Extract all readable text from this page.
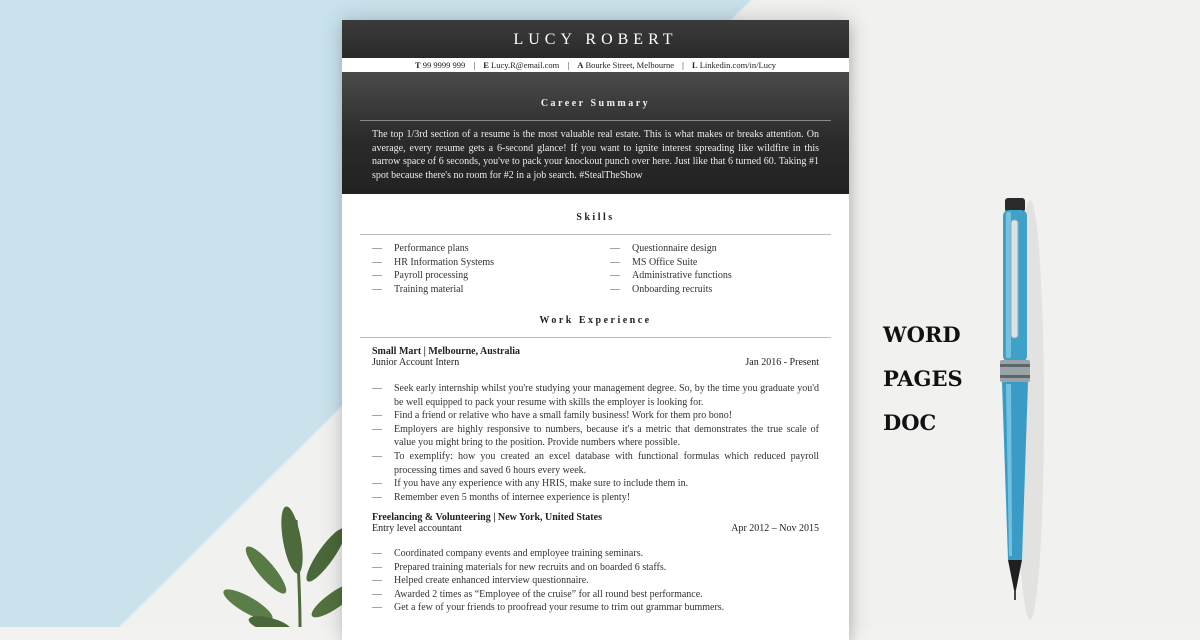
LUCY ROBERT
T 99 9999 999 | E Lucy.R@email.com | A Bourke Street, Melbourne | L Linkedin.com/in/Lucy
Career Summary
The top 1/3rd section of a resume is the most valuable real estate. This is what makes or breaks attention. On average, every resume gets a 6-second glance! If you want to ignite interest spreading like wildfire in this narrow space of 6 seconds, you've to pack your knockout punch over here. Just like that 6 turned 60. Taking #1 spot because there's no room for #2 in a job search. #StealTheShow
Skills
— Performance plans
— HR Information Systems
— Payroll processing
— Training material
— Questionnaire design
— MS Office Suite
— Administrative functions
— Onboarding recruits
Work Experience
Small Mart | Melbourne, Australia
Junior Account Intern	Jan 2016 - Present
— Seek early internship whilst you're studying your management degree. So, by the time you graduate you'd be well equipped to pack your resume with skills the employer is looking for.
— Find a friend or relative who have a small family business! Work for them pro bono!
— Employers are highly responsive to numbers, because it's a metric that demonstrates the true scale of value you might bring to the position. Provide numbers where possible.
— To exemplify: how you created an excel database with functional formulas which reduced payroll processing times and saved 6 hours every week.
— If you have any experience with any HRIS, make sure to include them in.
— Remember even 5 months of internee experience is plenty!
Freelancing & Volunteering | New York, United States
Entry level accountant	Apr 2012 – Nov 2015
— Coordinated company events and employee training seminars.
— Prepared training materials for new recruits and on boarded 6 staffs.
— Helped create enhanced interview questionnaire.
— Awarded 2 times as “Employee of the cruise” for all round best performance.
— Get a few of your friends to proofread your resume to trim out grammar bummers.
WORD
PAGES
DOC
